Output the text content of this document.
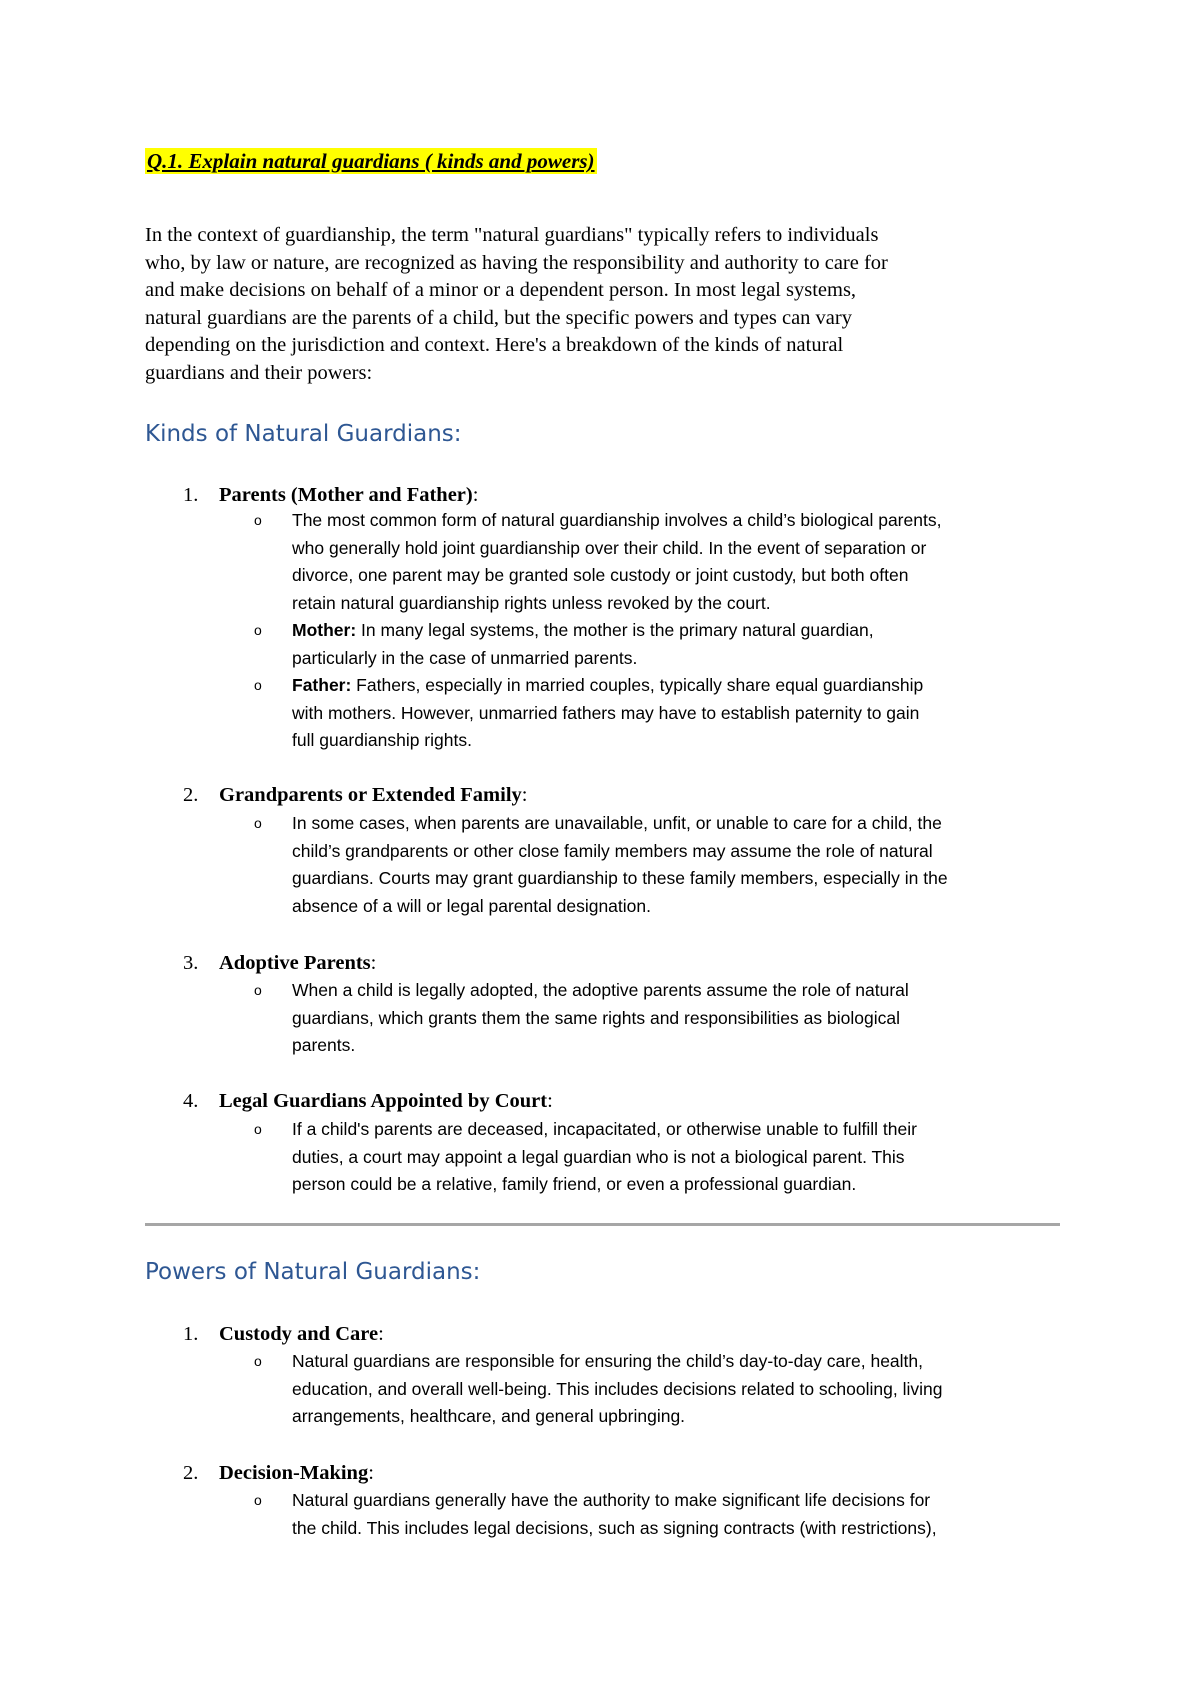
Q.1. Explain natural guardians ( kinds and powers)
In the context of guardianship, the term "natural guardians" typically refers to individuals
who, by law or nature, are recognized as having the responsibility and authority to care for
and make decisions on behalf of a minor or a dependent person. In most legal systems,
natural guardians are the parents of a child, but the specific powers and types can vary
depending on the jurisdiction and context. Here's a breakdown of the kinds of natural
guardians and their powers:
Kinds of Natural Guardians:
1. Parents (Mother and Father):
o The most common form of natural guardianship involves a child’s biological parents,
who generally hold joint guardianship over their child. In the event of separation or
divorce, one parent may be granted sole custody or joint custody, but both often
retain natural guardianship rights unless revoked by the court.
o Mother: In many legal systems, the mother is the primary natural guardian,
particularly in the case of unmarried parents.
o Father: Fathers, especially in married couples, typically share equal guardianship
with mothers. However, unmarried fathers may have to establish paternity to gain
full guardianship rights.
2. Grandparents or Extended Family:
o In some cases, when parents are unavailable, unfit, or unable to care for a child, the
child’s grandparents or other close family members may assume the role of natural
guardians. Courts may grant guardianship to these family members, especially in the
absence of a will or legal parental designation.
3. Adoptive Parents:
o When a child is legally adopted, the adoptive parents assume the role of natural
guardians, which grants them the same rights and responsibilities as biological
parents.
4. Legal Guardians Appointed by Court:
o If a child's parents are deceased, incapacitated, or otherwise unable to fulfill their
duties, a court may appoint a legal guardian who is not a biological parent. This
person could be a relative, family friend, or even a professional guardian.
Powers of Natural Guardians:
1. Custody and Care:
o Natural guardians are responsible for ensuring the child’s day-to-day care, health,
education, and overall well-being. This includes decisions related to schooling, living
arrangements, healthcare, and general upbringing.
2. Decision-Making:
o Natural guardians generally have the authority to make significant life decisions for
the child. This includes legal decisions, such as signing contracts (with restrictions),
